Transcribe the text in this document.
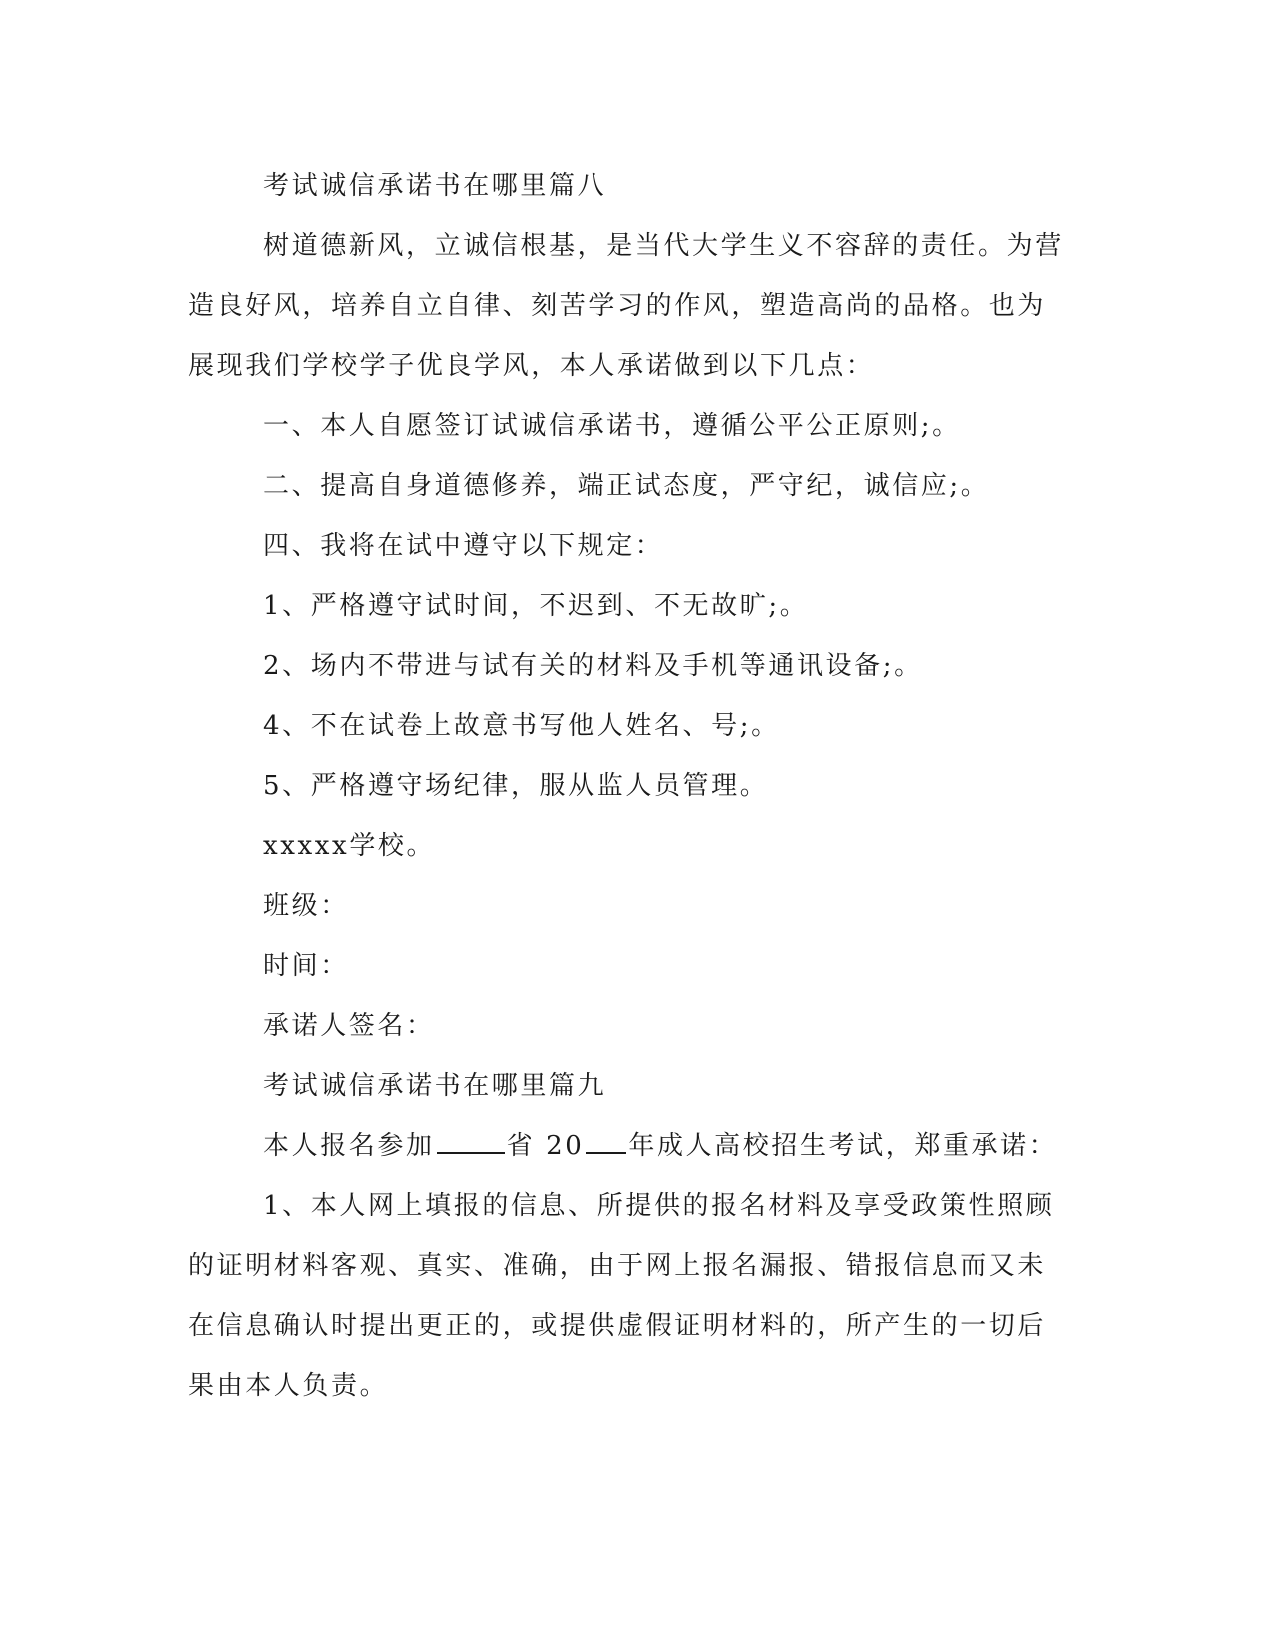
考试诚信承诺书在哪里篇八
树道德新风，立诚信根基，是当代大学生义不容辞的责任。为营
造良好风，培养自立自律、刻苦学习的作风，塑造高尚的品格。也为
展现我们学校学子优良学风，本人承诺做到以下几点：
一、本人自愿签订试诚信承诺书，遵循公平公正原则;。
二、提高自身道德修养，端正试态度，严守纪，诚信应;。
四、我将在试中遵守以下规定：
1、严格遵守试时间，不迟到、不无故旷;。
2、场内不带进与试有关的材料及手机等通讯设备;。
4、不在试卷上故意书写他人姓名、号;。
5、严格遵守场纪律，服从监人员管理。
xxxxx学校。
班级：
时间：
承诺人签名：
考试诚信承诺书在哪里篇九
本人报名参加	省 20 年成人高校招生考试，郑重承诺：
1、本人网上填报的信息、所提供的报名材料及享受政策性照顾
的证明材料客观、真实、准确，由于网上报名漏报、错报信息而又未
在信息确认时提出更正的，或提供虚假证明材料的，所产生的一切后
果由本人负责。
